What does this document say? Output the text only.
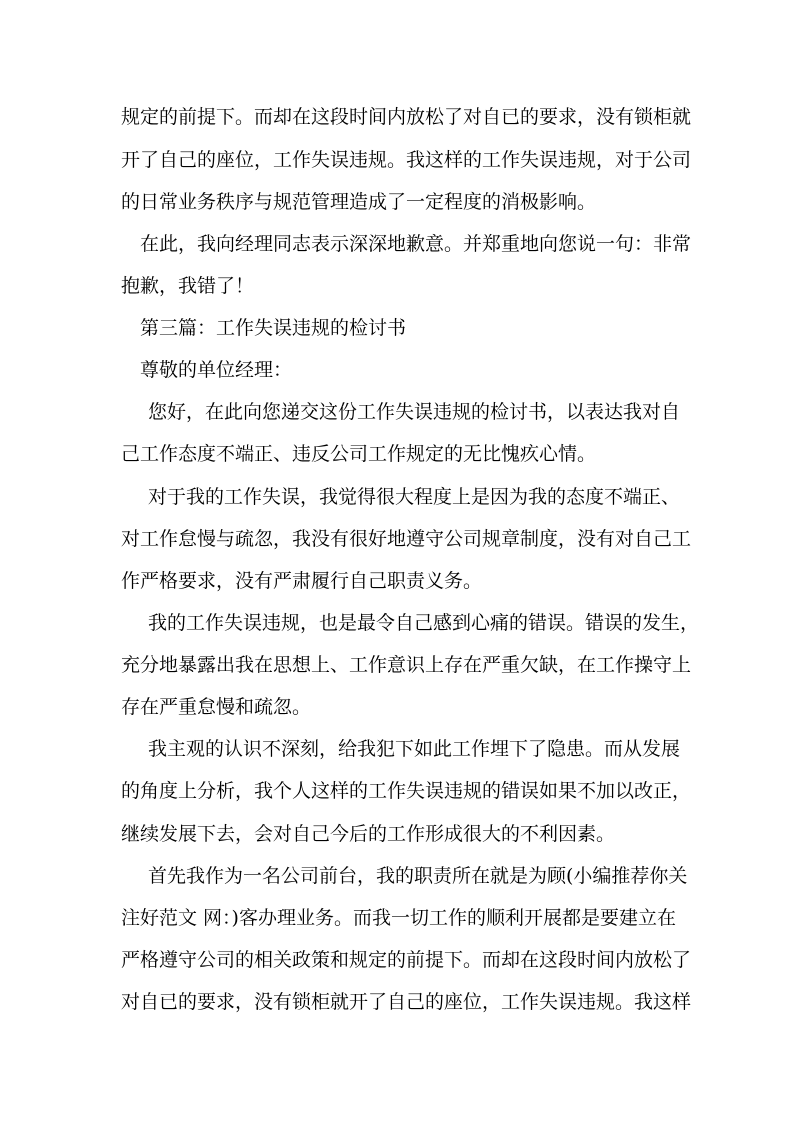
规定的前提下。而却在这段时间内放松了对自已的要求，没有锁柜就
开了自己的座位，工作失误违规。我这样的工作失误违规，对于公司
的日常业务秩序与规范管理造成了一定程度的消极影响。
在此，我向经理同志表示深深地歉意。并郑重地向您说一句：非常
抱歉，我错了！
第三篇：工作失误违规的检讨书
尊敬的单位经理：
您好，在此向您递交这份工作失误违规的检讨书，以表达我对自
己工作态度不端正、违反公司工作规定的无比愧疚心情。
对于我的工作失误，我觉得很大程度上是因为我的态度不端正、
对工作怠慢与疏忽，我没有很好地遵守公司规章制度，没有对自己工
作严格要求，没有严肃履行自己职责义务。
我的工作失误违规，也是最令自己感到心痛的错误。错误的发生，
充分地暴露出我在思想上、工作意识上存在严重欠缺，在工作操守上
存在严重怠慢和疏忽。
我主观的认识不深刻，给我犯下如此工作埋下了隐患。而从发展
的角度上分析，我个人这样的工作失误违规的错误如果不加以改正，
继续发展下去，会对自己今后的工作形成很大的不利因素。
首先我作为一名公司前台，我的职责所在就是为顾(小编推荐你关
注好范文 网：)客办理业务。而我一切工作的顺利开展都是要建立在
严格遵守公司的相关政策和规定的前提下。而却在这段时间内放松了
对自已的要求，没有锁柜就开了自己的座位，工作失误违规。我这样
